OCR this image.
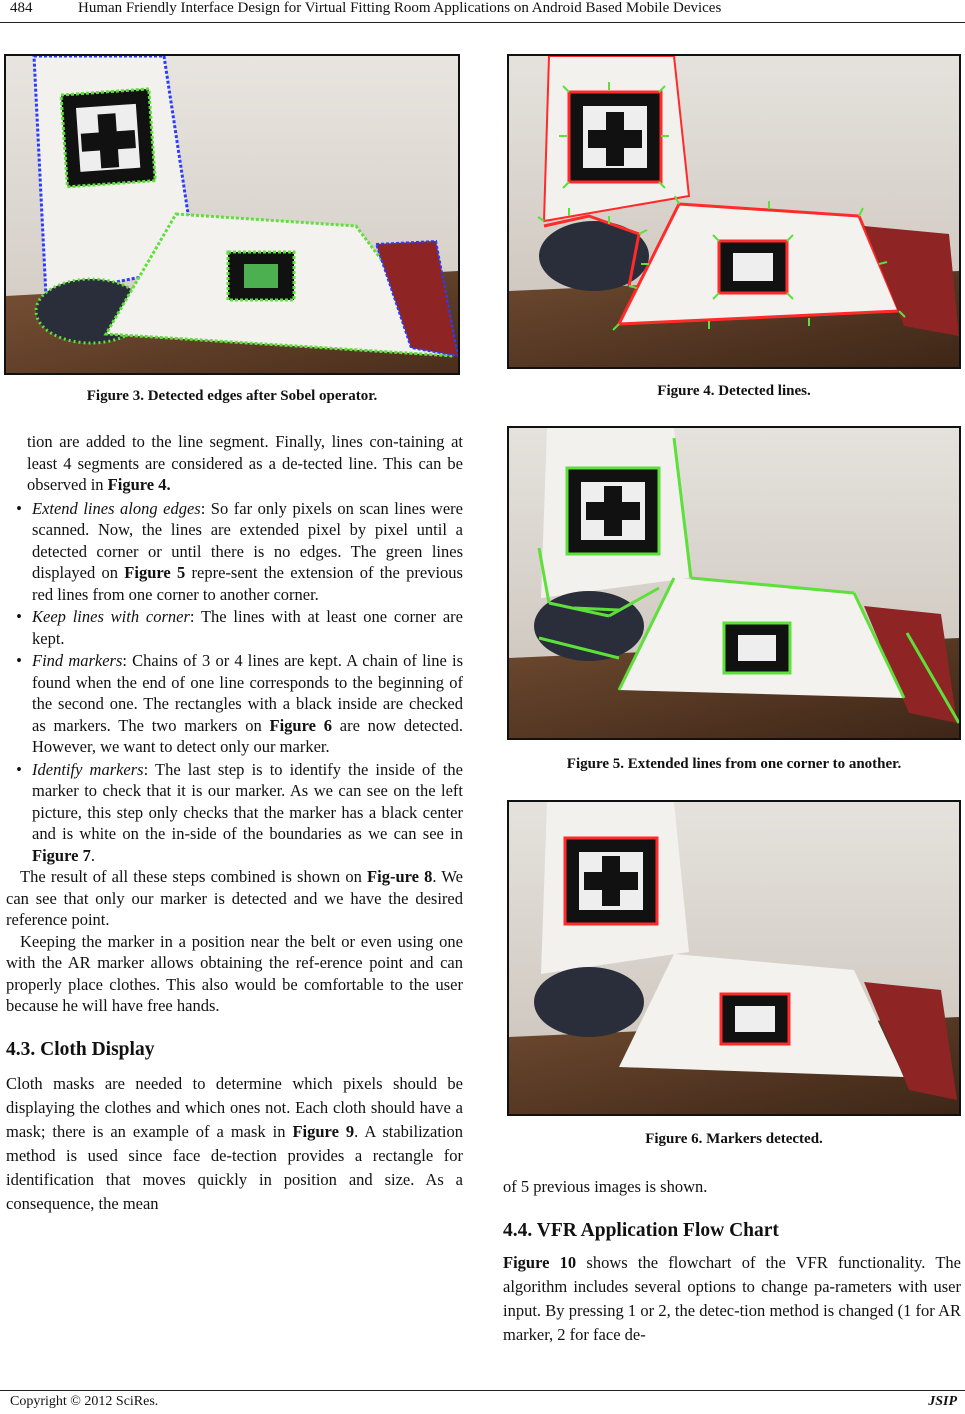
484	Human Friendly Interface Design for Virtual Fitting Room Applications on Android Based Mobile Devices
Figure 3. Detected edges after Sobel operator.	Figure 4. Detected lines.
Figure 5. Extended lines from one corner to another.
Figure 6. Markers detected.
tion are added to the line segment. Finally, lines con-taining at least 4 segments are considered as a de-tected line. This can be observed in Figure 4.
• Extend lines along edges: So far only pixels on scan lines were scanned. Now, the lines are extended pixel by pixel until a detected corner or until there is no edges. The green lines displayed on Figure 5 repre-sent the extension of the previous red lines from one corner to another corner.
• Keep lines with corner: The lines with at least one corner are kept.
• Find markers: Chains of 3 or 4 lines are kept. A chain of line is found when the end of one line corresponds to the beginning of the second one. The rectangles with a black inside are checked as markers. The two markers on Figure 6 are now detected. However, we want to detect only our marker.
• Identify markers: The last step is to identify the inside of the marker to check that it is our marker. As we can see on the left picture, this step only checks that the marker has a black center and is white on the in-side of the boundaries as we can see in Figure 7.
The result of all these steps combined is shown on Fig-ure 8. We can see that only our marker is detected and we have the desired reference point.
Keeping the marker in a position near the belt or even using one with the AR marker allows obtaining the ref-erence point and can properly place clothes. This also would be comfortable to the user because he will have free hands.
4.3. Cloth Display
Cloth masks are needed to determine which pixels should be displaying the clothes and which ones not. Each cloth should have a mask; there is an example of a mask in Figure 9. A stabilization method is used since face de-tection provides a rectangle for identification that moves quickly in position and size. As a consequence, the mean
of 5 previous images is shown.
4.4. VFR Application Flow Chart
Figure 10 shows the flowchart of the VFR functionality. The algorithm includes several options to change pa-rameters with user input. By pressing 1 or 2, the detec-tion method is changed (1 for AR marker, 2 for face de-
Copyright © 2012 SciRes.	JSIP
